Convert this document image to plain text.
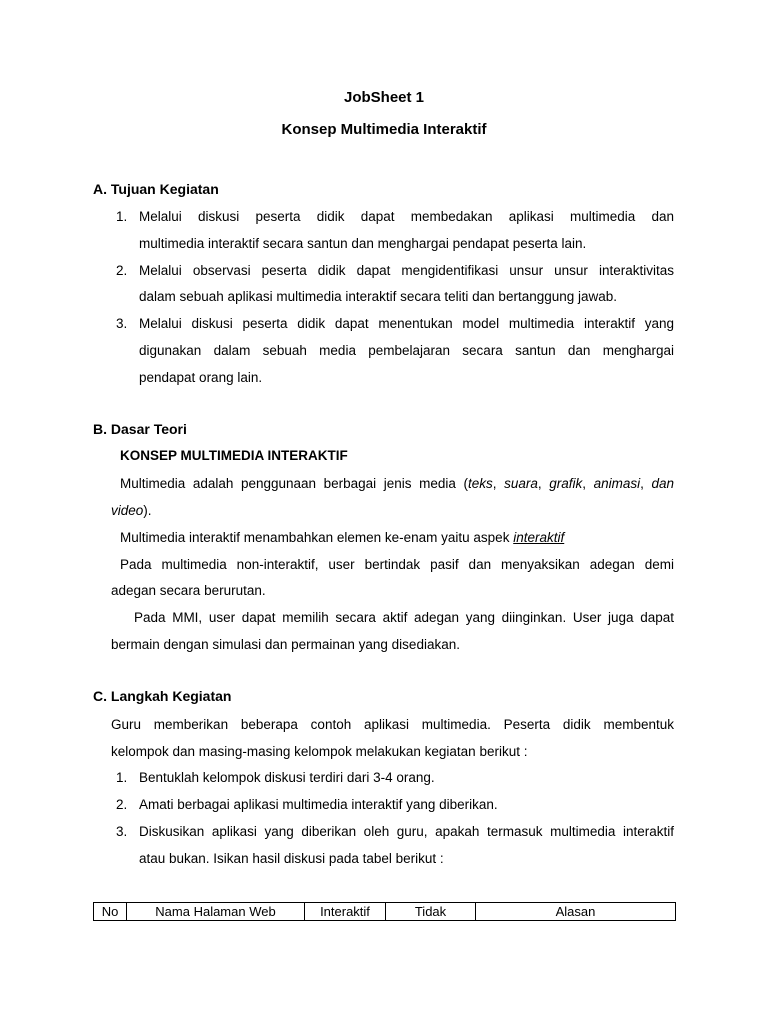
JobSheet 1
Konsep Multimedia Interaktif
A. Tujuan Kegiatan
1. Melalui diskusi peserta didik dapat membedakan aplikasi multimedia dan
multimedia interaktif secara santun dan menghargai pendapat peserta lain.
2. Melalui observasi peserta didik dapat mengidentifikasi unsur unsur interaktivitas
dalam sebuah aplikasi multimedia interaktif secara teliti dan bertanggung jawab.
3. Melalui diskusi peserta didik dapat menentukan model multimedia interaktif yang
digunakan dalam sebuah media pembelajaran secara santun dan menghargai
pendapat orang lain.
B. Dasar Teori
KONSEP MULTIMEDIA INTERAKTIF
Multimedia adalah penggunaan berbagai jenis media (teks, suara, grafik, animasi, dan
video).
Multimedia interaktif menambahkan elemen ke-enam yaitu aspek interaktif
Pada multimedia non-interaktif, user bertindak pasif dan menyaksikan adegan demi
adegan secara berurutan.
Pada MMI, user dapat memilih secara aktif adegan yang diinginkan. User juga dapat
bermain dengan simulasi dan permainan yang disediakan.
C. Langkah Kegiatan
Guru memberikan beberapa contoh aplikasi multimedia. Peserta didik membentuk
kelompok dan masing-masing kelompok melakukan kegiatan berikut :
1. Bentuklah kelompok diskusi terdiri dari 3-4 orang.
2. Amati berbagai aplikasi multimedia interaktif yang diberikan.
3. Diskusikan aplikasi yang diberikan oleh guru, apakah termasuk multimedia interaktif
atau bukan. Isikan hasil diskusi pada tabel berikut :
No	Nama Halaman Web	Interaktif	Tidak	Alasan
